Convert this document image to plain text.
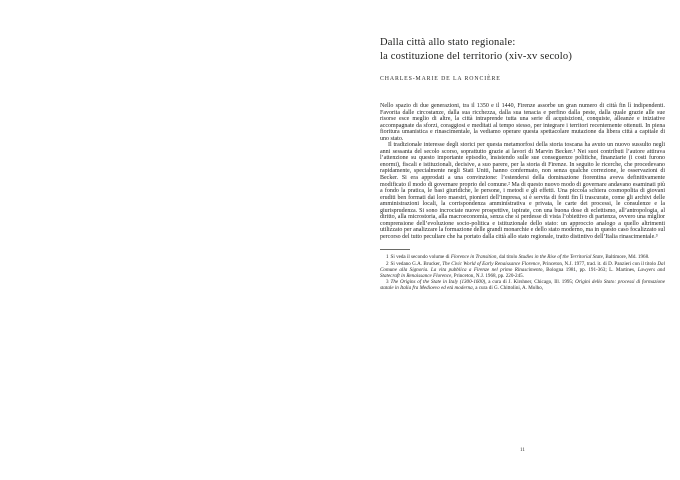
Dalla città allo stato regionale:
la costituzione del territorio (xiv-xv secolo)
CHARLES-MARIE DE LA RONCIÈRE

Nello spazio di due generazioni, tra il 1350 e il 1440, Firenze assorbe un gran numero di città fin lì indipendenti. Favorita dalle circostanze, dalla sua ricchezza, dalla sua tenacia e perfino dalla peste, dalla quale grazie alle sue risorse esce meglio di altre, la città intraprende tutta una serie di acquisizioni, conquiste, alleanze e iniziative accompagnate da sforzi, coraggiosi e meditati al tempo stesso, per integrare i territori recentemente ottenuti. In piena fioritura umanistica e rinascimentale, la vediamo operare questa spettacolare mutazione da libera città a capitale di uno stato.

Il tradizionale interesse degli storici per questa metamorfosi della storia toscana ha avuto un nuovo sussulto negli anni sessanta del secolo scorso, soprattutto grazie ai lavori di Marvin Becker.¹ Nei suoi contributi l’autore attirava l’attenzione su questo importante episodio, insistendo sulle sue conseguenze politiche, finanziarie (i costi furono enormi), fiscali e istituzionali, decisive, a suo parere, per la storia di Firenze. In seguito le ricerche, che procedevano rapidamente, specialmente negli Stati Uniti, hanno confermato, non senza qualche correzione, le osservazioni di Becker. Si era approdati a una convinzione: l’estendersi della dominazione fiorentina aveva definitivamente modificato il modo di governare proprio del comune.² Ma di questo nuovo modo di governare andavano esaminati più a fondo la pratica, le basi giuridiche, le persone, i metodi e gli effetti. Una piccola schiera cosmopolita di giovani eruditi ben formati dai loro maestri, pionieri dell’impresa, si è servita di fonti fin lì trascurate, come gli archivi delle amministrazioni locali, la corrispondenza amministrativa e privata, le carte dei processi, le consulenze e la giurisprudenza. Si sono incrociate nuove prospettive, ispirate, con una buona dose di eclettismo, all’antropologia, al diritto, alla microstoria, alla macroeconomia, senza che si perdesse di vista l’obiettivo di partenza, ovvero una miglior comprensione dell’evoluzione socio-politica e istituzionale dello stato: un approccio analogo a quello altrimenti utilizzato per analizzare la formazione delle grandi monarchie e dello stato moderno, ma in questo caso focalizzato sul percorso del tutto peculiare che ha portato dalla città allo stato regionale, tratto distintivo dell’Italia rinascimentale.³

1 Si veda il secondo volume di Florence in Transition, dal titolo Studies in the Rise of the Territorial State, Baltimore, Md. 1968.

2 Si vedano G.A. Brucker, The Civic World of Early Renaissance Florence, Princeton, N.J. 1977, trad. it. di D. Panzieri con il titolo Dal Comune alla Signoria. La vita pubblica a Firenze nel primo Rinascimento, Bologna 1981, pp. 191-363; L. Martines, Lawyers and Statecraft in Renaissance Florence, Princeton, N.J. 1968, pp. 220-245.

3 The Origins of the State in Italy (1300-1600), a cura di J. Kirshner, Chicago, Ill. 1995; Origini dello Stato: processi di formazione statale in Italia fra Medioevo ed età moderna, a cura di G. Chittolini, A. Molho,

11
